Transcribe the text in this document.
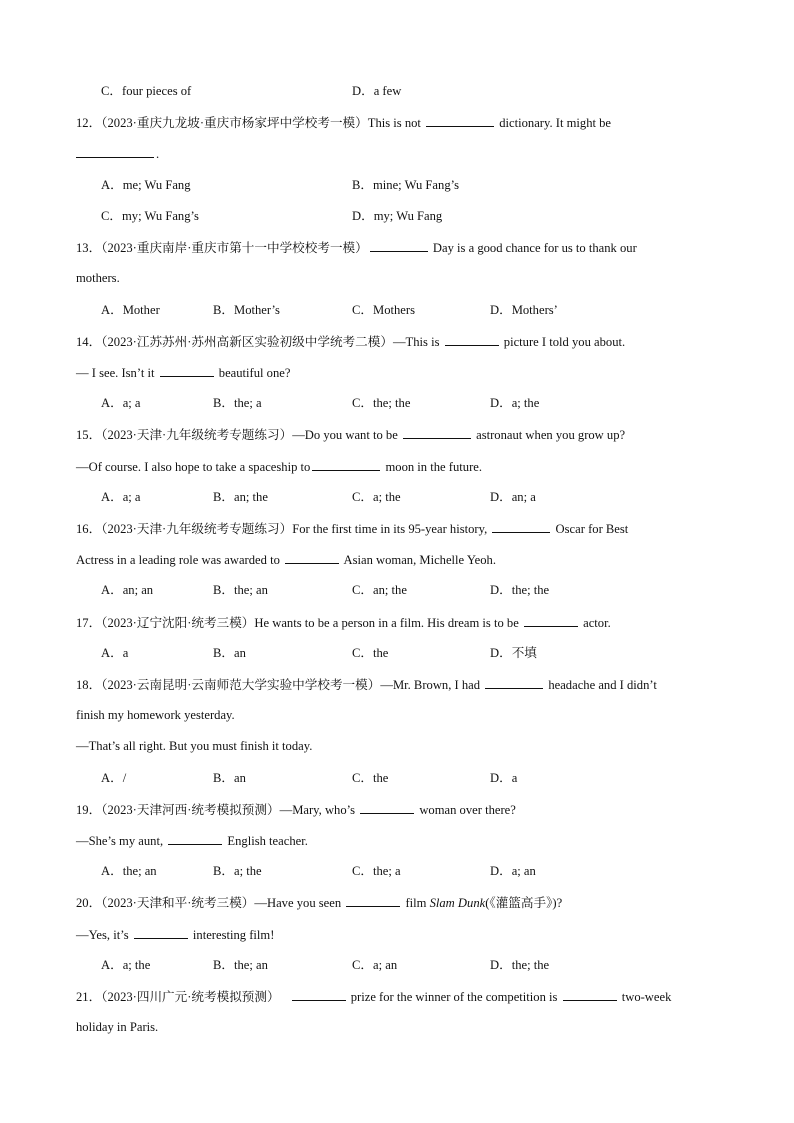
C．four pieces of	D．a few
12．（2023·重庆九龙坡·重庆市杨家坪中学校考一模）This is not	dictionary. It might be
.
A．me; Wu Fang	B．mine; Wu Fang’s
C．my; Wu Fang’s	D．my; Wu Fang
13．（2023·重庆南岸·重庆市第十一中学校校考一模）	Day is a good chance for us to thank our
mothers.
A．Mother	B．Mother’s	C．Mothers	D．Mothers’
14．（2023·江苏苏州·苏州高新区实验初级中学统考二模）—This is	picture I told you about.
— I see. Isn’t it	beautiful one?
A．a; a	B．the; a	C．the; the	D．a; the
15．（2023·天津·九年级统考专题练习）—Do you want to be	astronaut when you grow up?
—Of course. I also hope to take a spaceship to	moon in the future.
A．a; a	B．an; the	C．a; the	D．an; a
16．（2023·天津·九年级统考专题练习）For the first time in its 95-year history,	Oscar for Best
Actress in a leading role was awarded to	Asian woman, Michelle Yeoh.
A．an; an	B．the; an	C．an; the	D．the; the
17．（2023·辽宁沈阳·统考三模）He wants to be a person in a film. His dream is to be	actor.
A．a	B．an	C．the	D．不填
18．（2023·云南昆明·云南师范大学实验中学校考一模）—Mr. Brown, I had	headache and I didn’t
finish my homework yesterday.
—That’s all right. But you must finish it today.
A．/	B．an	C．the	D．a
19．（2023·天津河西·统考模拟预测）—Mary, who’s	woman over there?
—She’s my aunt,	English teacher.
A．the; an	B．a; the	C．the; a	D．a; an
20．（2023·天津和平·统考三模）—Have you seen	film Slam Dunk(《灌篮高手》)?
—Yes, it’s	interesting film!
A．a; the	B．the; an	C．a; an	D．the; the
21．（2023·四川广元·统考模拟预测）	prize for the winner of the competition is	two-week
holiday in Paris.
